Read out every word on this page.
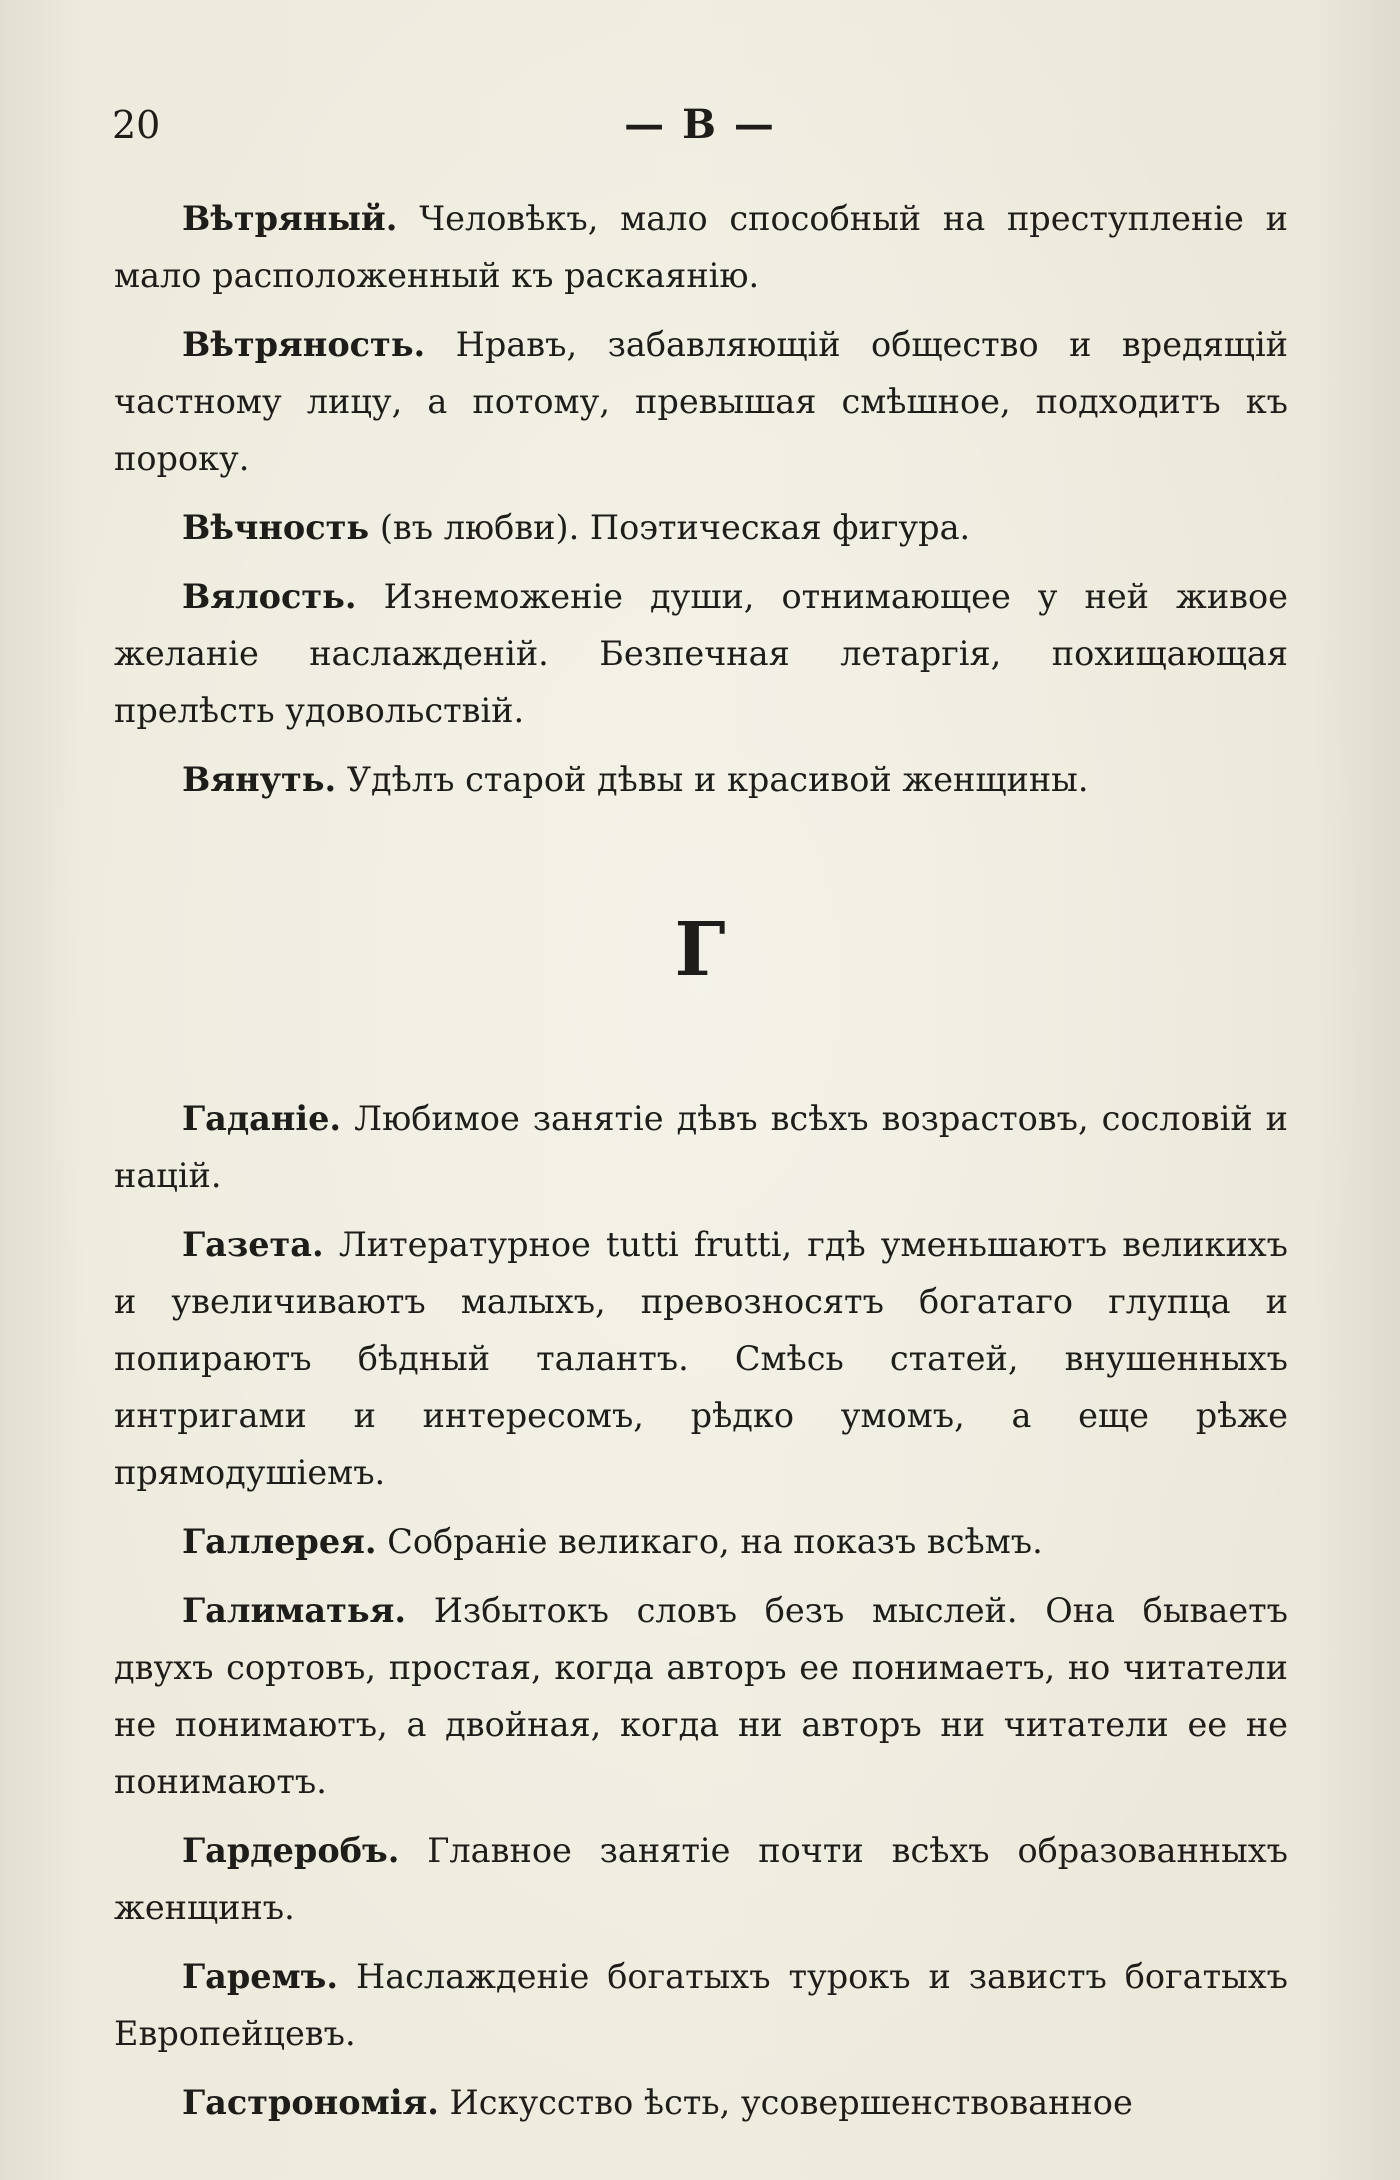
20	— В —

Вѣтряный. Человѣкъ, мало способный на преступленіе и мало расположенный къ раскаянію.

Вѣтряность. Нравъ, забавляющій общество и вредящій частному лицу, а потому, превышая смѣшное, подходитъ къ пороку.

Вѣчность (въ любви). Поэтическая фигура.

Вялость. Изнеможеніе души, отнимающее у ней живое желаніе наслажденій. Безпечная летаргія, похищающая прелѣсть удовольствій.

Вянуть. Удѣлъ старой дѣвы и красивой женщины.

Г

Гаданіе. Любимое занятіе дѣвъ всѣхъ возрастовъ, сословій и націй.

Газета. Литературное tutti frutti, гдѣ уменьшаютъ великихъ и увеличиваютъ малыхъ, превозносятъ богатаго глупца и попираютъ бѣдный талантъ. Смѣсь статей, внушенныхъ интригами и интересомъ, рѣдко умомъ, а еще рѣже прямодушіемъ.

Галлерея. Собраніе великаго, на показъ всѣмъ.

Галиматья. Избытокъ словъ безъ мыслей. Она бываетъ двухъ сортовъ, простая, когда авторъ ее понимаетъ, но читатели не понимаютъ, а двойная, когда ни авторъ ни читатели ее не понимаютъ.

Гардеробъ. Главное занятіе почти всѣхъ образованныхъ женщинъ.

Гаремъ. Наслажденіе богатыхъ турокъ и завистъ богатыхъ Европейцевъ.

Гастрономія. Искусство ѣсть, усовершенствованное
